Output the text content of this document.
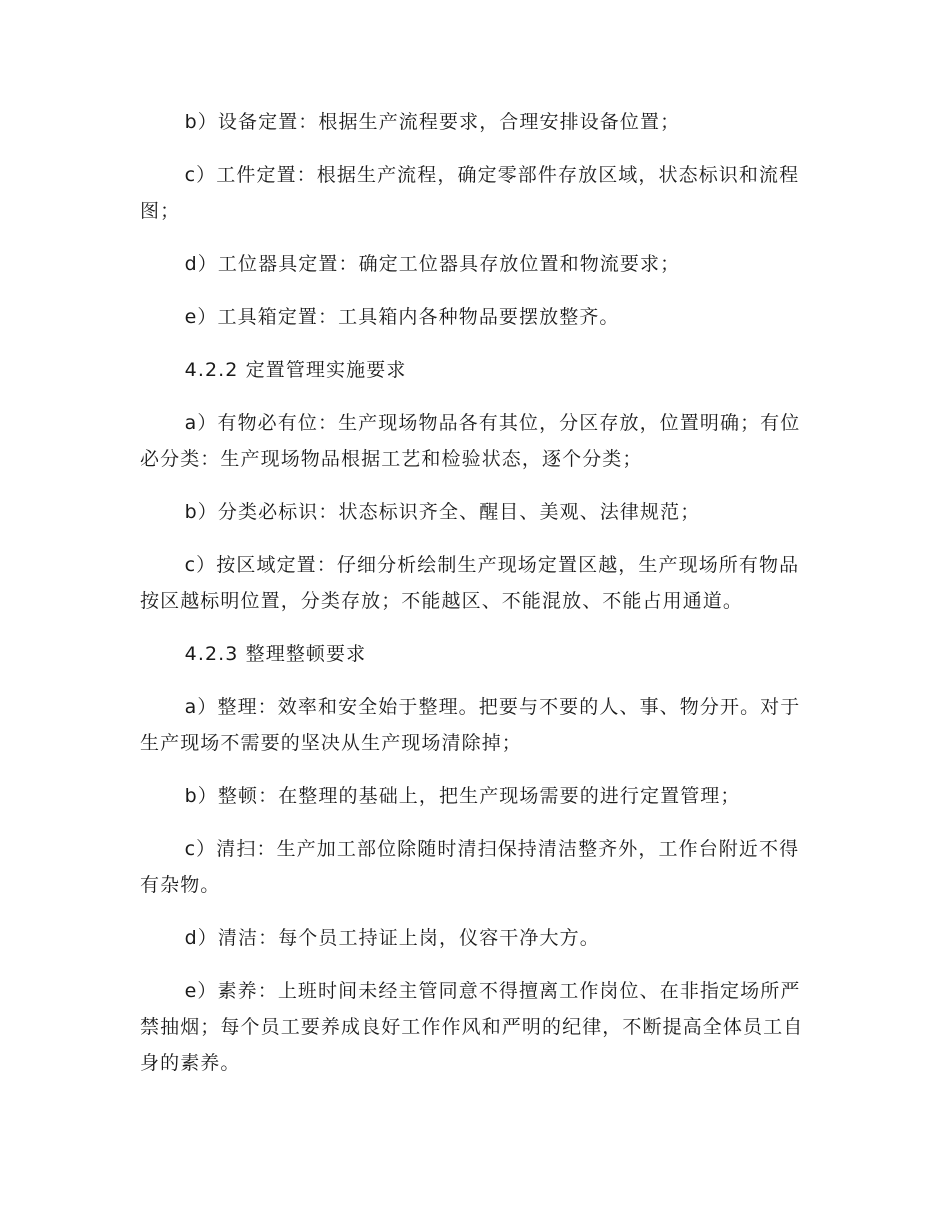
b）设备定置：根据生产流程要求，合理安排设备位置；

c）工件定置：根据生产流程，确定零部件存放区域，状态标识和流程图；

d）工位器具定置：确定工位器具存放位置和物流要求；

e）工具箱定置：工具箱内各种物品要摆放整齐。

4.2.2 定置管理实施要求

a）有物必有位：生产现场物品各有其位，分区存放，位置明确；有位必分类：生产现场物品根据工艺和检验状态，逐个分类；

b）分类必标识：状态标识齐全、醒目、美观、法律规范；

c）按区域定置：仔细分析绘制生产现场定置区越，生产现场所有物品按区越标明位置，分类存放；不能越区、不能混放、不能占用通道。

4.2.3 整理整顿要求

a）整理：效率和安全始于整理。把要与不要的人、事、物分开。对于生产现场不需要的坚决从生产现场清除掉；

b）整顿：在整理的基础上，把生产现场需要的进行定置管理；

c）清扫：生产加工部位除随时清扫保持清洁整齐外，工作台附近不得有杂物。

d）清洁：每个员工持证上岗，仪容干净大方。

e）素养：上班时间未经主管同意不得擅离工作岗位、在非指定场所严禁抽烟；每个员工要养成良好工作作风和严明的纪律，不断提高全体员工自身的素养。
